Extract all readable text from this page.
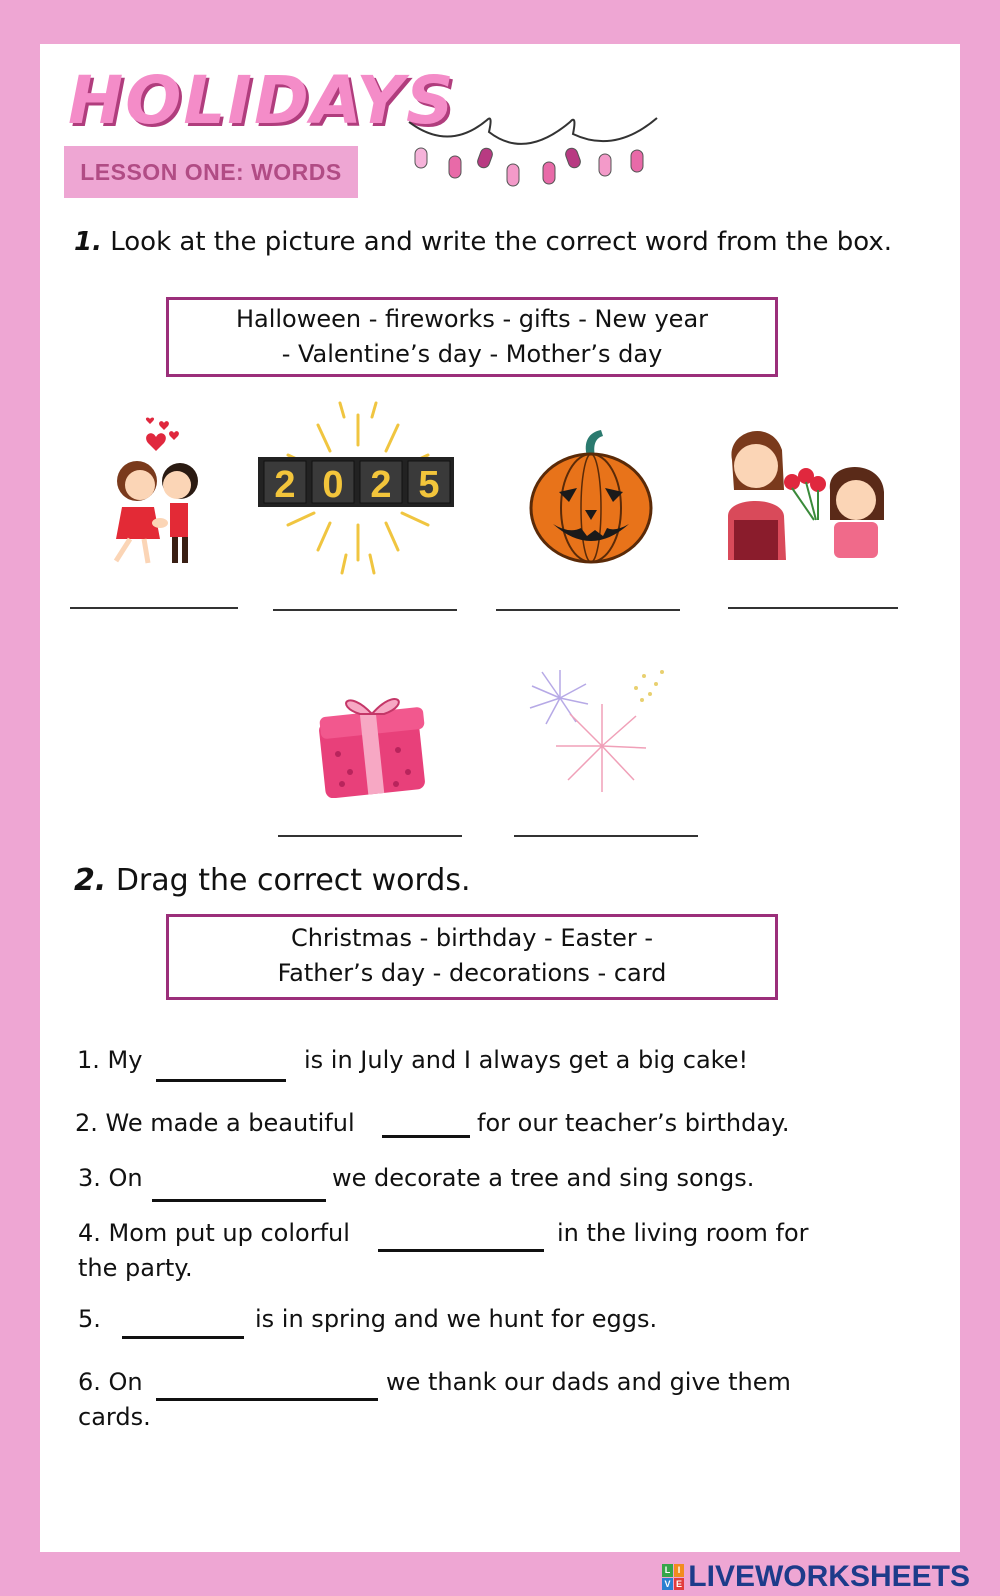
HOLIDAYS
LESSON ONE: WORDS
1. Look at the picture and write the correct word from the box.
Halloween - fireworks - gifts - New year
- Valentine’s day - Mother’s day
2 0 2 5
2. Drag the correct words.
Christmas - birthday - Easter -
Father’s day - decorations - card
1. My	is in July and I always get a big cake!
2. We made a beautiful	for our teacher’s birthday.
3. On	we decorate a tree and sing songs.
4. Mom put up colorful	in the living room for
the party.
5.	is in spring and we hunt for eggs.
6. On	we thank our dads and give them
cards.
L I
V E LIVEWORKSHEETS
